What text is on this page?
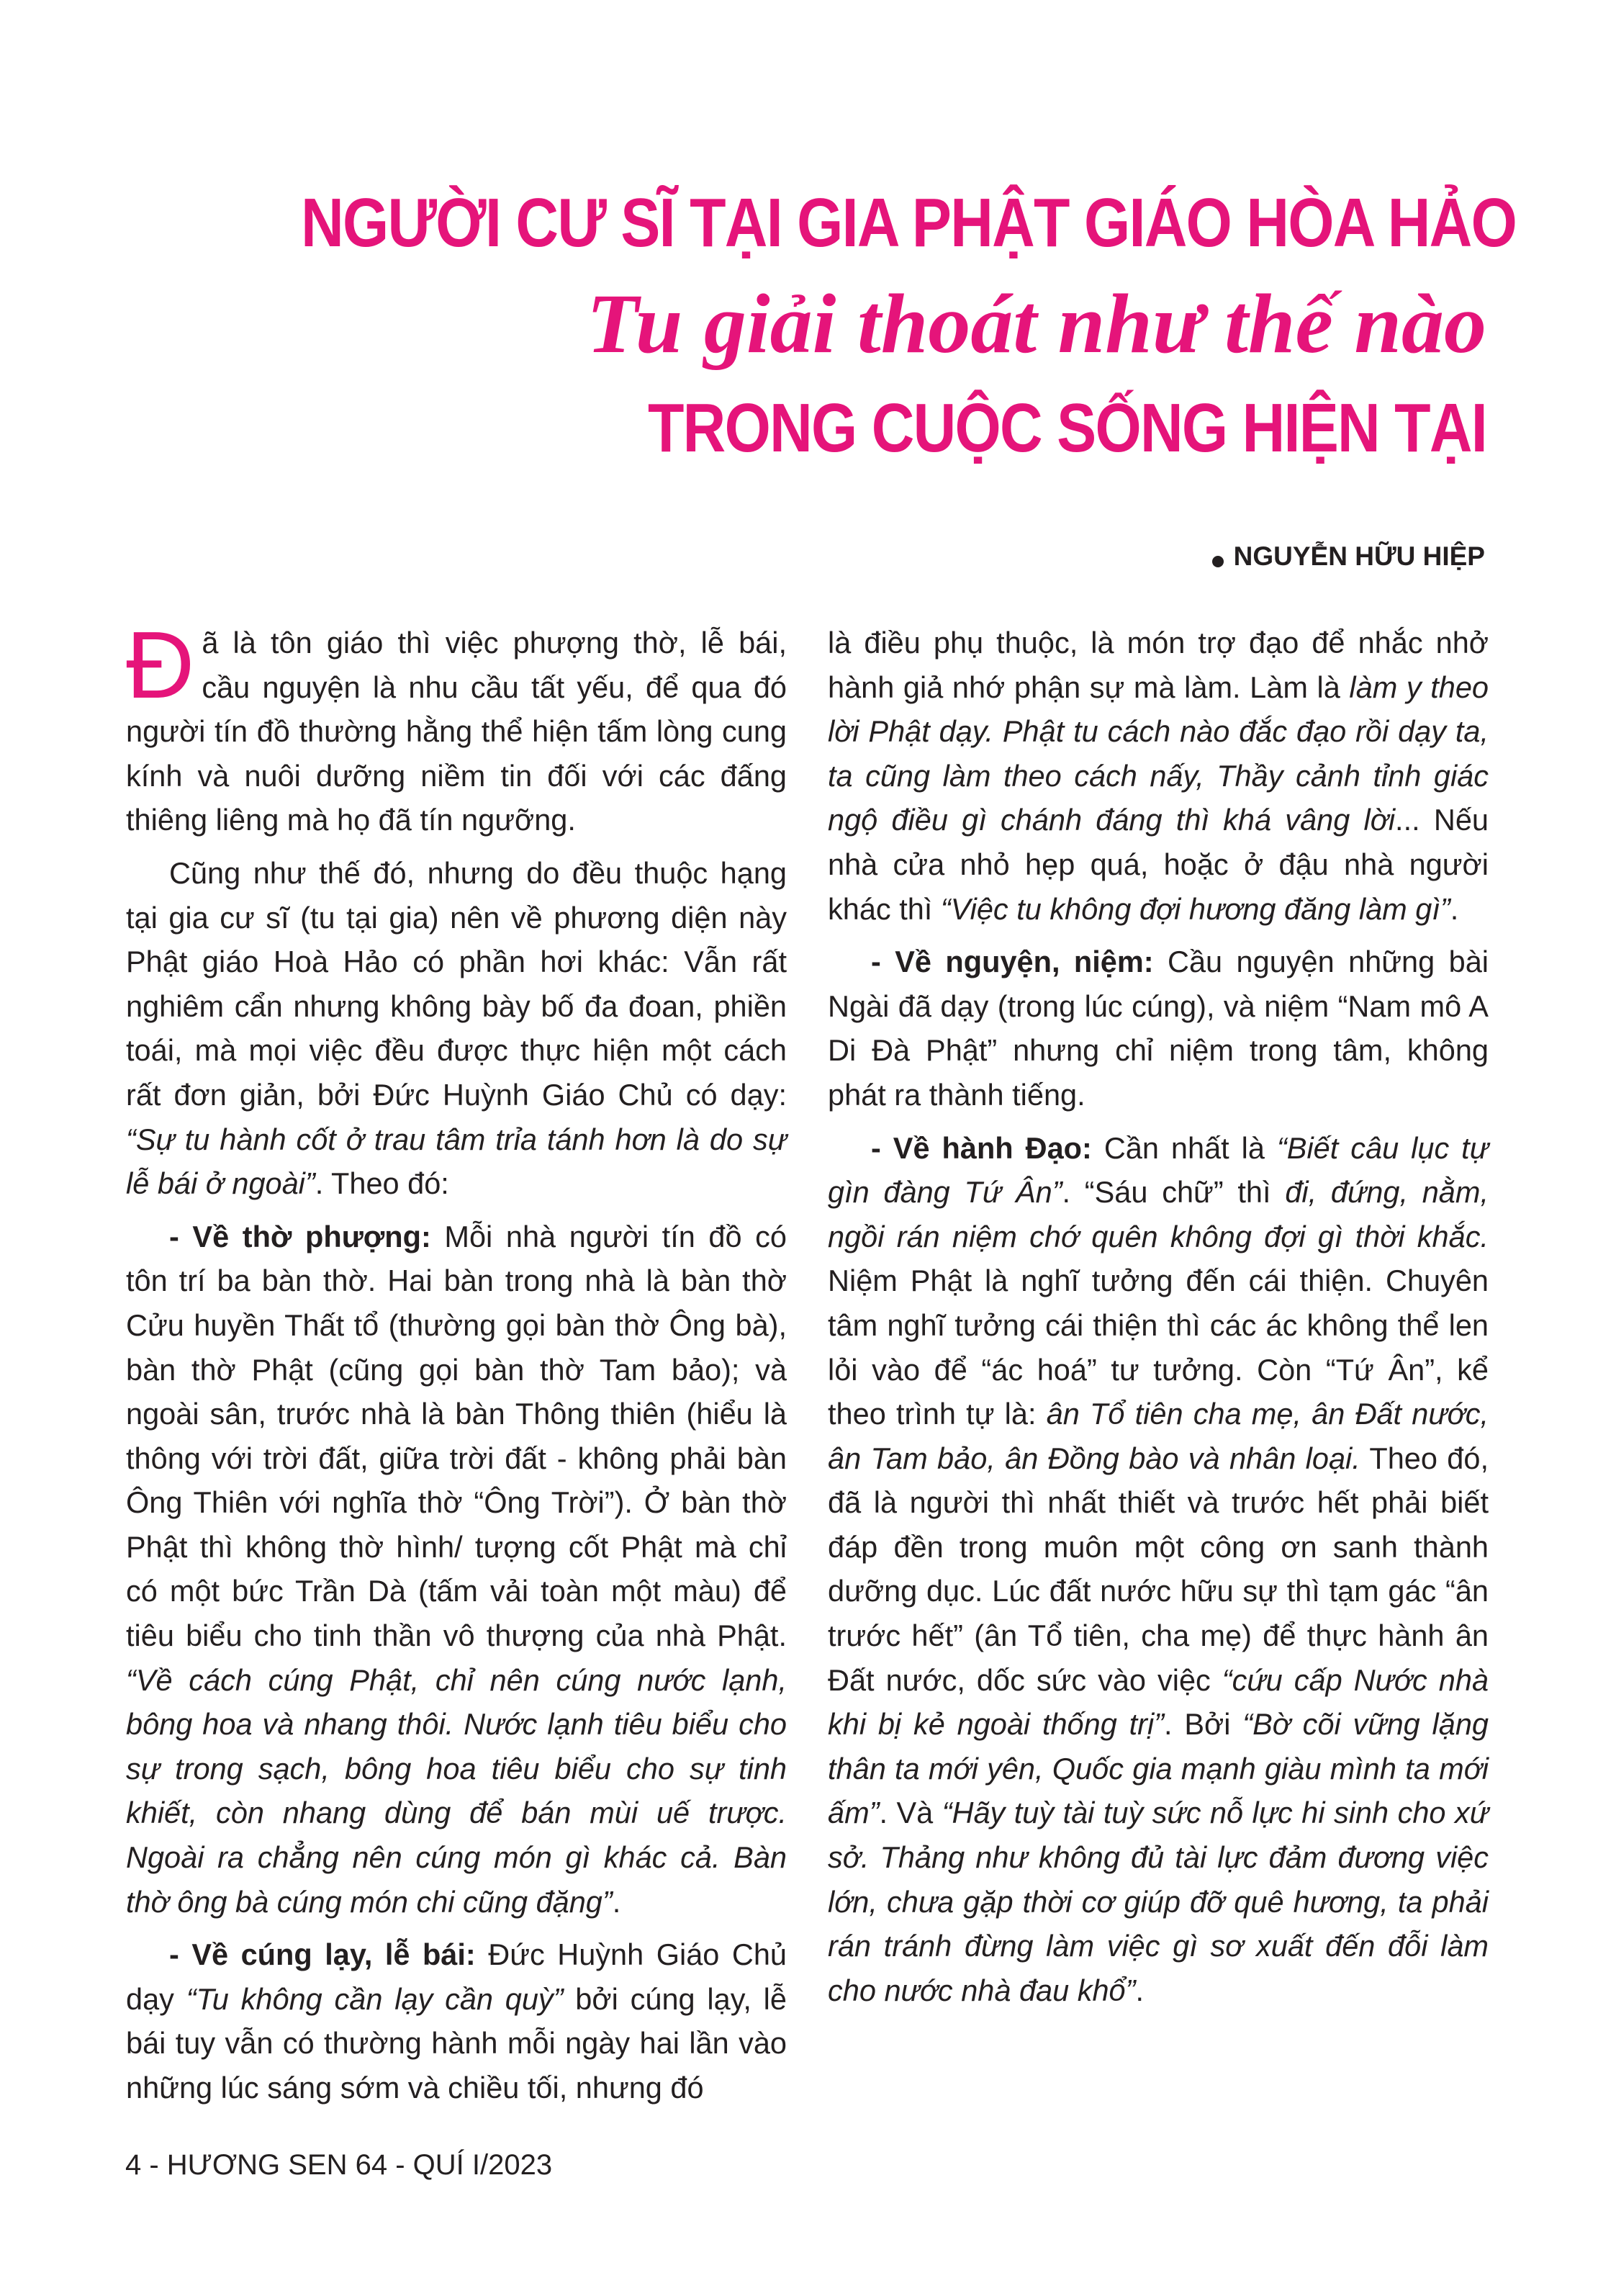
NGƯỜI CƯ SĨ TẠI GIA PHẬT GIÁO HÒA HẢO
Tu giải thoát như thế nào
TRONG CUỘC SỐNG HIỆN TẠI
NGUYỄN HỮU HIỆP

Đã là tôn giáo thì việc phượng thờ, lễ bái, cầu nguyện là nhu cầu tất yếu, để qua đó người tín đồ thường hằng thể hiện tấm lòng cung kính và nuôi dưỡng niềm tin đối với các đấng thiêng liêng mà họ đã tín ngưỡng.

Cũng như thế đó, nhưng do đều thuộc hạng tại gia cư sĩ (tu tại gia) nên về phương diện này Phật giáo Hoà Hảo có phần hơi khác: Vẫn rất nghiêm cẩn nhưng không bày bố đa đoan, phiền toái, mà mọi việc đều được thực hiện một cách rất đơn giản, bởi Đức Huỳnh Giáo Chủ có dạy: “Sự tu hành cốt ở trau tâm trỉa tánh hơn là do sự lễ bái ở ngoài”. Theo đó:

- Về thờ phượng: Mỗi nhà người tín đồ có tôn trí ba bàn thờ. Hai bàn trong nhà là bàn thờ Cửu huyền Thất tổ (thường gọi bàn thờ Ông bà), bàn thờ Phật (cũng gọi bàn thờ Tam bảo); và ngoài sân, trước nhà là bàn Thông thiên (hiểu là thông với trời đất, giữa trời đất - không phải bàn Ông Thiên với nghĩa thờ “Ông Trời”). Ở bàn thờ Phật thì không thờ hình/ tượng cốt Phật mà chỉ có một bức Trần Dà (tấm vải toàn một màu) để tiêu biểu cho tinh thần vô thượng của nhà Phật. “Về cách cúng Phật, chỉ nên cúng nước lạnh, bông hoa và nhang thôi. Nước lạnh tiêu biểu cho sự trong sạch, bông hoa tiêu biểu cho sự tinh khiết, còn nhang dùng để bán mùi uế trược. Ngoài ra chẳng nên cúng món gì khác cả. Bàn thờ ông bà cúng món chi cũng đặng”.

- Về cúng lạy, lễ bái: Đức Huỳnh Giáo Chủ dạy “Tu không cần lạy cần quỳ” bởi cúng lạy, lễ bái tuy vẫn có thường hành mỗi ngày hai lần vào những lúc sáng sớm và chiều tối, nhưng đó

là điều phụ thuộc, là món trợ đạo để nhắc nhở hành giả nhớ phận sự mà làm. Làm là làm y theo lời Phật dạy. Phật tu cách nào đắc đạo rồi dạy ta, ta cũng làm theo cách nấy, Thầy cảnh tỉnh giác ngộ điều gì chánh đáng thì khá vâng lời... Nếu nhà cửa nhỏ hẹp quá, hoặc ở đậu nhà người khác thì “Việc tu không đợi hương đăng làm gì”.

- Về nguyện, niệm: Cầu nguyện những bài Ngài đã dạy (trong lúc cúng), và niệm “Nam mô A Di Đà Phật” nhưng chỉ niệm trong tâm, không phát ra thành tiếng.

- Về hành Đạo: Cần nhất là “Biết câu lục tự gìn đàng Tứ Ân”. “Sáu chữ” thì đi, đứng, nằm, ngồi rán niệm chớ quên không đợi gì thời khắc. Niệm Phật là nghĩ tưởng đến cái thiện. Chuyên tâm nghĩ tưởng cái thiện thì các ác không thể len lỏi vào để “ác hoá” tư tưởng. Còn “Tứ Ân”, kể theo trình tự là: ân Tổ tiên cha mẹ, ân Đất nước, ân Tam bảo, ân Đồng bào và nhân loại. Theo đó, đã là người thì nhất thiết và trước hết phải biết đáp đền trong muôn một công ơn sanh thành dưỡng dục. Lúc đất nước hữu sự thì tạm gác “ân trước hết” (ân Tổ tiên, cha mẹ) để thực hành ân Đất nước, dốc sức vào việc “cứu cấp Nước nhà khi bị kẻ ngoài thống trị”. Bởi “Bờ cõi vững lặng thân ta mới yên, Quốc gia mạnh giàu mình ta mới ấm”. Và “Hãy tuỳ tài tuỳ sức nỗ lực hi sinh cho xứ sở. Thảng như không đủ tài lực đảm đương việc lớn, chưa gặp thời cơ giúp đỡ quê hương, ta phải rán tránh đừng làm việc gì sơ xuất đến đỗi làm cho nước nhà đau khổ”.

4 - HƯƠNG SEN 64 - QUÍ I/2023
